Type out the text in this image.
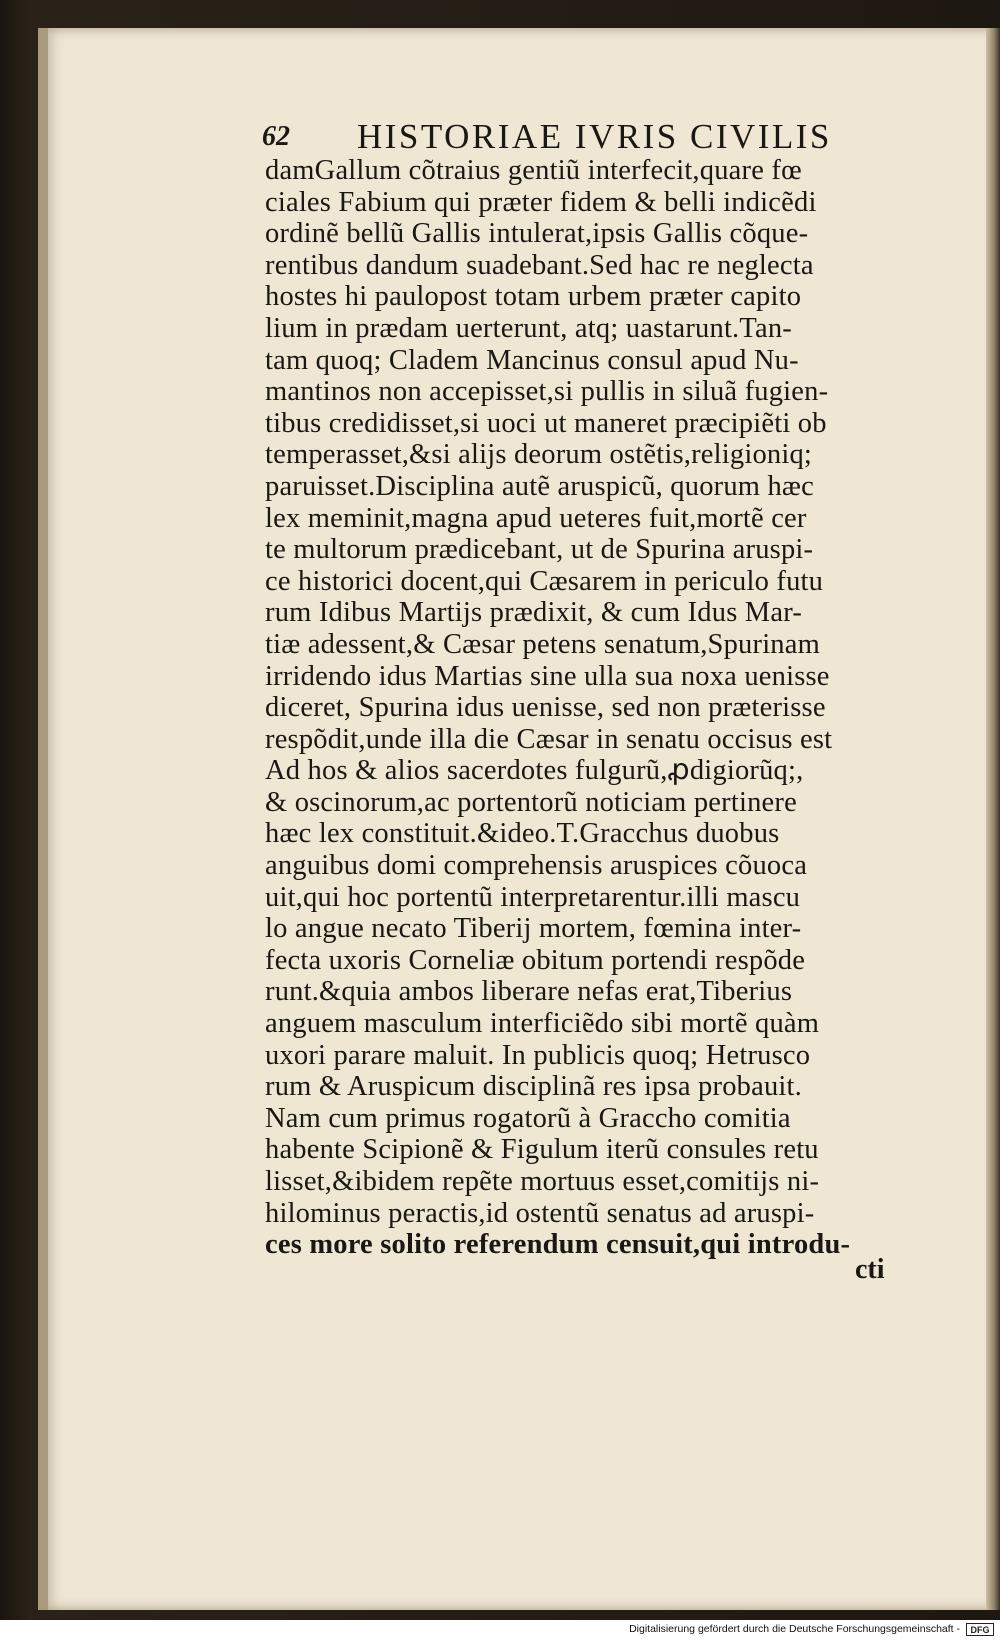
62 HISTORIAE IVRIS CIVILIS
damGallum cõtraius gentiũ interfecit,quare fœ
ciales Fabium qui præter fidem & belli indicẽdi
ordinẽ bellũ Gallis intulerat,ipsis Gallis cõque-
rentibus dandum suadebant.Sed hac re neglecta
hostes hi paulopost totam urbem præter capito
lium in prædam uerterunt, atq; uastarunt.Tan-
tam quoq; Cladem Mancinus consul apud Nu-
mantinos non accepisset,si pullis in siluã fugien-
tibus credidisset,si uoci ut maneret præcipiẽti ob
temperasset,&si alijs deorum ostẽtis,religioniq;
paruisset.Disciplina autẽ aruspicũ, quorum hæc
lex meminit,magna apud ueteres fuit,mortẽ cer
te multorum prædicebant, ut de Spurina aruspi-
ce historici docent,qui Cæsarem in periculo futu
rum Idibus Martijs prædixit, & cum Idus Mar-
tiæ adessent,& Cæsar petens senatum,Spurinam
irridendo idus Martias sine ulla sua noxa uenisse
diceret, Spurina idus uenisse, sed non præterisse
respõdit,unde illa die Cæsar in senatu occisus est
Ad hos & alios sacerdotes fulgurũ,ꝓdigiorũq;,
& oscinorum,ac portentorũ noticiam pertinere
hæc lex constituit.&ideo.T.Gracchus duobus
anguibus domi comprehensis aruspices cõuoca
uit,qui hoc portentũ interpretarentur.illi mascu
lo angue necato Tiberij mortem, fœmina inter-
fecta uxoris Corneliæ obitum portendi respõde
runt.&quia ambos liberare nefas erat,Tiberius
anguem masculum interficiẽdo sibi mortẽ quàm
uxori parare maluit. In publicis quoq; Hetrusco
rum & Aruspicum disciplinã res ipsa probauit.
Nam cum primus rogatorũ à Graccho comitia
habente Scipionẽ & Figulum iterũ consules retu
lisset,&ibidem repẽte mortuus esset,comitijs ni-
hilominus peractis,id ostentũ senatus ad aruspi-
ces more solito referendum censuit,qui introdu-
cti
Digitalisierung gefördert durch die Deutsche Forschungsgemeinschaft -	DFG
